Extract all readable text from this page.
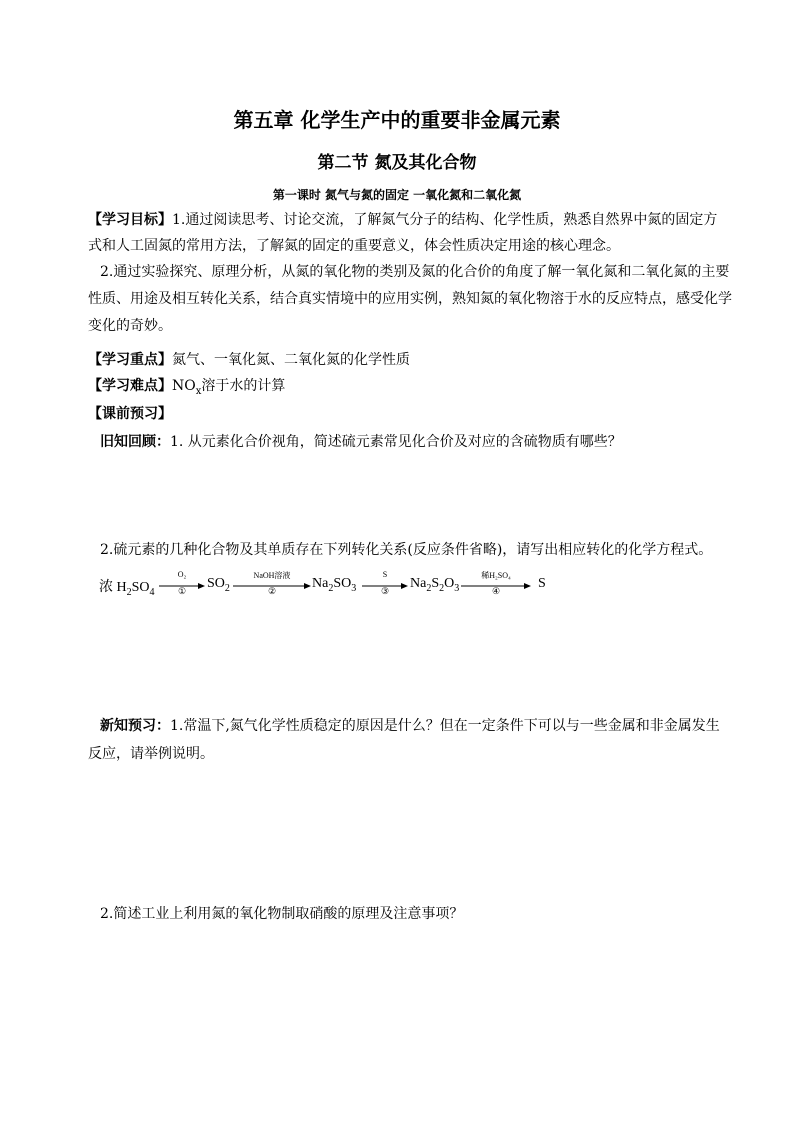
第五章 化学生产中的重要非金属元素
第二节 氮及其化合物
第一课时 氮气与氮的固定 一氧化氮和二氧化氮
【学习目标】1.通过阅读思考、讨论交流，了解氮气分子的结构、化学性质，熟悉自然界中氮的固定方
式和人工固氮的常用方法，了解氮的固定的重要意义，体会性质决定用途的核心理念。
2.通过实验探究、原理分析，从氮的氧化物的类别及氮的化合价的角度了解一氧化氮和二氧化氮的主要
性质、用途及相互转化关系，结合真实情境中的应用实例，熟知氮的氧化物溶于水的反应特点，感受化学
变化的奇妙。
【学习重点】氮气、一氧化氮、二氧化氮的化学性质
【学习难点】$NO_x$溶于水的计算
【课前预习】
旧知回顾：1. 从元素化合价视角，简述硫元素常见化合价及对应的含硫物质有哪些？
2.硫元素的几种化合物及其单质存在下列转化关系(反应条件省略)，请写出相应转化的化学方程式。
浓 $H_2SO_4$
O₂
①	$SO_2$
NaOH溶液
②	$Na_2SO_3$
S
③	$Na_2S_2O_3$
稀H₂SO₄
④	S
新知预习：1.常温下,氮气化学性质稳定的原因是什么？但在一定条件下可以与一些金属和非金属发生
反应，请举例说明。
2.简述工业上利用氮的氧化物制取硝酸的原理及注意事项？
